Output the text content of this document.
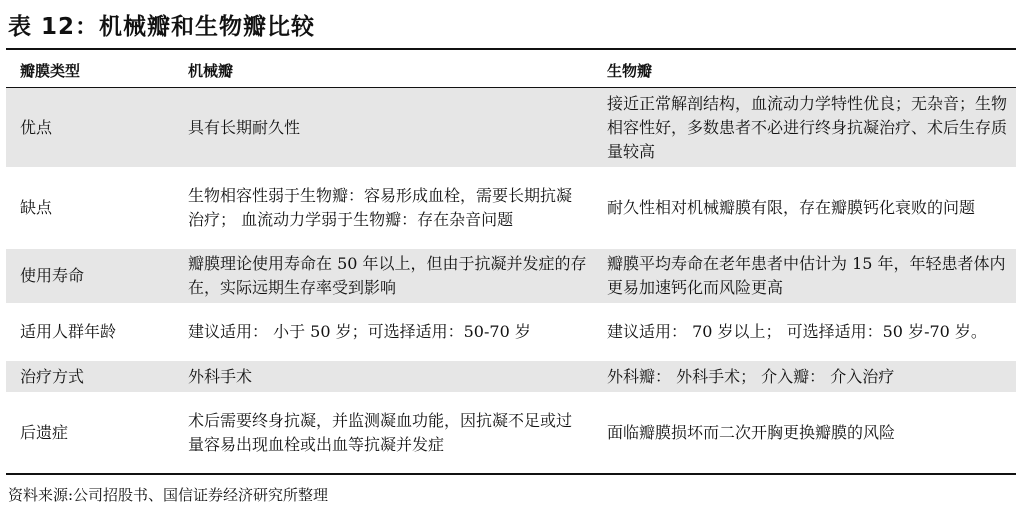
表 12：机械瓣和生物瓣比较
瓣膜类型	机械瓣	生物瓣
优点	具有长期耐久性	接近正常解剖结构，血流动力学特性优良；无杂音；生物相容性好，多数患者不必进行终身抗凝治疗、术后生存质量较高
缺点	生物相容性弱于生物瓣：容易形成血栓，需要长期抗凝治疗； 血流动力学弱于生物瓣：存在杂音问题	耐久性相对机械瓣膜有限，存在瓣膜钙化衰败的问题
使用寿命	瓣膜理论使用寿命在 50 年以上，但由于抗凝并发症的存在，实际远期生存率受到影响	瓣膜平均寿命在老年患者中估计为 15 年，年轻患者体内更易加速钙化而风险更高
适用人群年龄	建议适用： 小于 50 岁；可选择适用：50-70 岁	建议适用： 70 岁以上； 可选择适用：50 岁-70 岁。
治疗方式	外科手术	外科瓣： 外科手术； 介入瓣： 介入治疗
后遗症	术后需要终身抗凝，并监测凝血功能，因抗凝不足或过量容易出现血栓或出血等抗凝并发症	面临瓣膜损坏而二次开胸更换瓣膜的风险
资料来源:公司招股书、国信证券经济研究所整理
